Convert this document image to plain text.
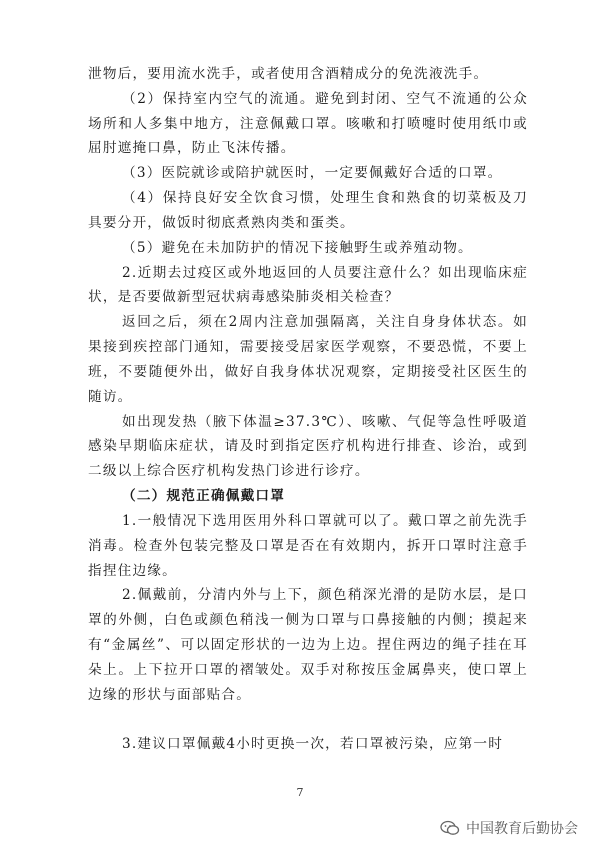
泄物后，要用流水洗手，或者使用含酒精成分的免洗液洗手。

（2）保持室内空气的流通。避免到封闭、空气不流通的公众场所和人多集中地方，注意佩戴口罩。咳嗽和打喷嚏时使用纸巾或屈肘遮掩口鼻，防止飞沫传播。

（3）医院就诊或陪护就医时，一定要佩戴好合适的口罩。

（4）保持良好安全饮食习惯，处理生食和熟食的切菜板及刀具要分开，做饭时彻底煮熟肉类和蛋类。

（5）避免在未加防护的情况下接触野生或养殖动物。

2.近期去过疫区或外地返回的人员要注意什么？如出现临床症状，是否要做新型冠状病毒感染肺炎相关检查？

返回之后，须在2周内注意加强隔离，关注自身身体状态。如果接到疾控部门通知，需要接受居家医学观察，不要恐慌，不要上班，不要随便外出，做好自我身体状况观察，定期接受社区医生的随访。

如出现发热（腋下体温≥37.3℃）、咳嗽、气促等急性呼吸道感染早期临床症状，请及时到指定医疗机构进行排查、诊治，或到二级以上综合医疗机构发热门诊进行诊疗。

（二）规范正确佩戴口罩

1.一般情况下选用医用外科口罩就可以了。戴口罩之前先洗手消毒。检查外包装完整及口罩是否在有效期内，拆开口罩时注意手指捏住边缘。

2.佩戴前，分清内外与上下，颜色稍深光滑的是防水层，是口罩的外侧，白色或颜色稍浅一侧为口罩与口鼻接触的内侧；摸起来有“金属丝”、可以固定形状的一边为上边。捏住两边的绳子挂在耳朵上。上下拉开口罩的褶皱处。双手对称按压金属鼻夹，使口罩上边缘的形状与面部贴合。

3.建议口罩佩戴4小时更换一次，若口罩被污染，应第一时

7
中国教育后勤协会
